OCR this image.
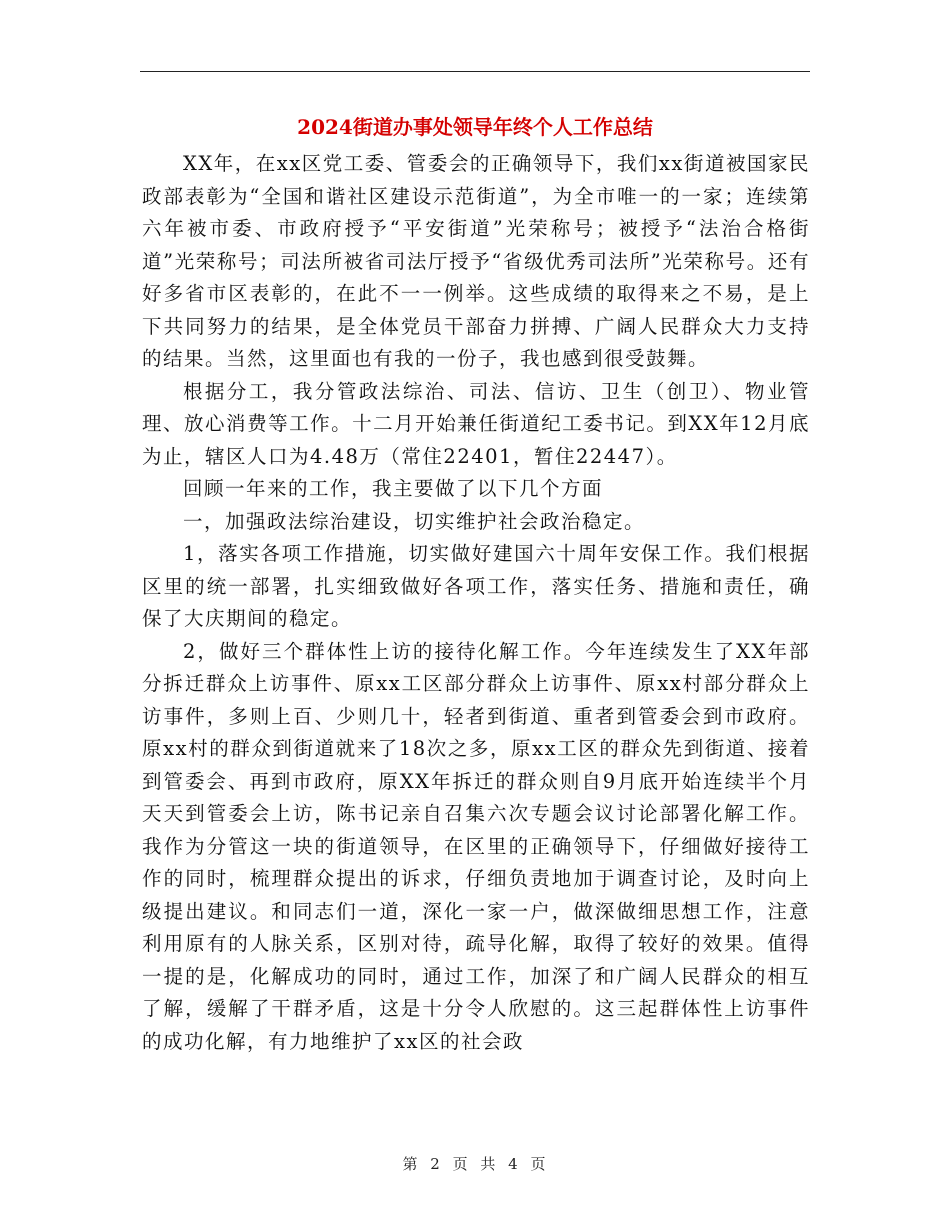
2024街道办事处领导年终个人工作总结

XX年，在xx区党工委、管委会的正确领导下，我们xx街道被国家民政部表彰为“全国和谐社区建设示范街道”，为全市唯一的一家；连续第六年被市委、市政府授予“平安街道”光荣称号；被授予“法治合格街道”光荣称号；司法所被省司法厅授予“省级优秀司法所”光荣称号。还有好多省市区表彰的，在此不一一例举。这些成绩的取得来之不易，是上下共同努力的结果，是全体党员干部奋力拼搏、广阔人民群众大力支持的结果。当然，这里面也有我的一份子，我也感到很受鼓舞。

根据分工，我分管政法综治、司法、信访、卫生（创卫）、物业管理、放心消费等工作。十二月开始兼任街道纪工委书记。到XX年12月底为止，辖区人口为4.48万（常住22401，暂住22447）。

回顾一年来的工作，我主要做了以下几个方面

一，加强政法综治建设，切实维护社会政治稳定。

1，落实各项工作措施，切实做好建国六十周年安保工作。我们根据区里的统一部署，扎实细致做好各项工作，落实任务、措施和责任，确保了大庆期间的稳定。

2，做好三个群体性上访的接待化解工作。今年连续发生了XX年部分拆迁群众上访事件、原xx工区部分群众上访事件、原xx村部分群众上访事件，多则上百、少则几十，轻者到街道、重者到管委会到市政府。原xx村的群众到街道就来了18次之多，原xx工区的群众先到街道、接着到管委会、再到市政府，原XX年拆迁的群众则自9月底开始连续半个月天天到管委会上访，陈书记亲自召集六次专题会议讨论部署化解工作。我作为分管这一块的街道领导，在区里的正确领导下，仔细做好接待工作的同时，梳理群众提出的诉求，仔细负责地加于调查讨论，及时向上级提出建议。和同志们一道，深化一家一户，做深做细思想工作，注意利用原有的人脉关系，区别对待，疏导化解，取得了较好的效果。值得一提的是，化解成功的同时，通过工作，加深了和广阔人民群众的相互了解，缓解了干群矛盾，这是十分令人欣慰的。这三起群体性上访事件的成功化解，有力地维护了xx区的社会政

第 2 页 共 4 页
